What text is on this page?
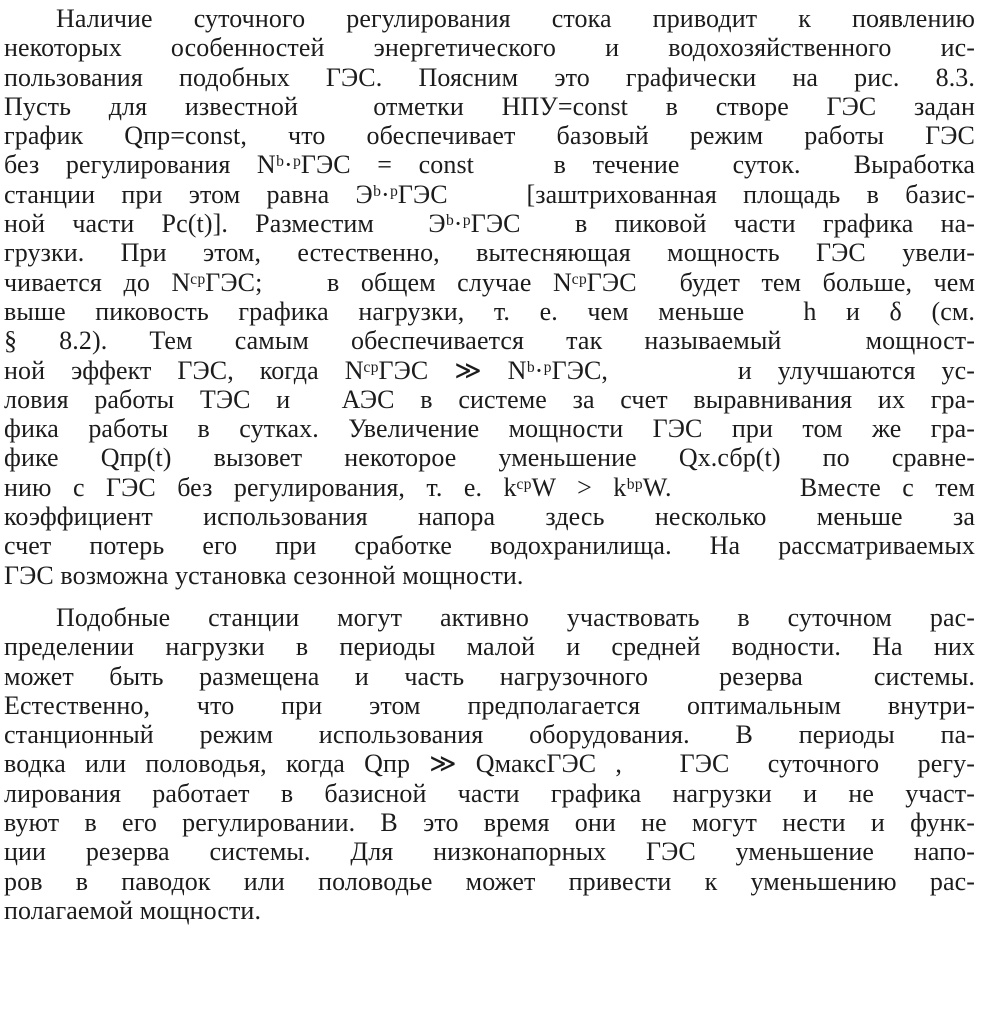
Наличие суточного регулирования стока приводит к появлению
некоторых особенностей энергетического и водохозяйственного ис-
пользования подобных ГЭС. Поясним это графически на рис. 8.3.
Пусть для известной  отметки НПУ=const в створе ГЭС задан
график Qпр=const, что обеспечивает базовый режим работы ГЭС
без регулирования Nᵇ·ᵖГЭС = const   в течение  суток.  Выработка
станции при этом равна Эᵇ·ᵖГЭС   [заштрихованная площадь в базис-
ной части Pс(t)]. Разместим  Эᵇ·ᵖГЭС  в пиковой части графика на-
грузки. При этом, естественно, вытесняющая мощность ГЭС увели-
чивается до NᶜᵖГЭС;   в общем случае NᶜᵖГЭС  будет тем больше, чем
выше пиковость графика нагрузки, т. е. чем меньше  h и δ (см.
§ 8.2). Тем самым обеспечивается так называемый  мощност-
ной эффект ГЭС, когда NᶜᵖГЭС ≫ Nᵇ·ᵖГЭС,     и улучшаются ус-
ловия работы ТЭС и  АЭС в системе за счет выравнивания их гра-
фика работы в сутках. Увеличение мощности ГЭС при том же гра-
фике Qпр(t) вызовет некоторое уменьшение Qх.сбр(t) по сравне-
нию с ГЭС без регулирования, т. е. kᶜᵖW > kᵇᵖW.      Вместе с тем
коэффициент использования напора здесь несколько меньше за
счет потерь его при сработке водохранилища. На рассматриваемых
ГЭС возможна установка сезонной мощности.
Подобные станции могут активно участвовать в суточном рас-
пределении нагрузки в периоды малой и средней водности. На них
может быть размещена и часть нагрузочного  резерва  системы.
Естественно, что при этом предполагается оптимальным внутри-
станционный режим использования оборудования. В периоды па-
водка или половодья, когда Qпр ≫ QмаксГЭС ,   ГЭС  суточного  регу-
лирования работает в базисной части графика нагрузки и не участ-
вуют в его регулировании. В это время они не могут нести и функ-
ции резерва системы. Для низконапорных ГЭС уменьшение напо-
ров в паводок или половодье может привести к уменьшению рас-
полагаемой мощности.
